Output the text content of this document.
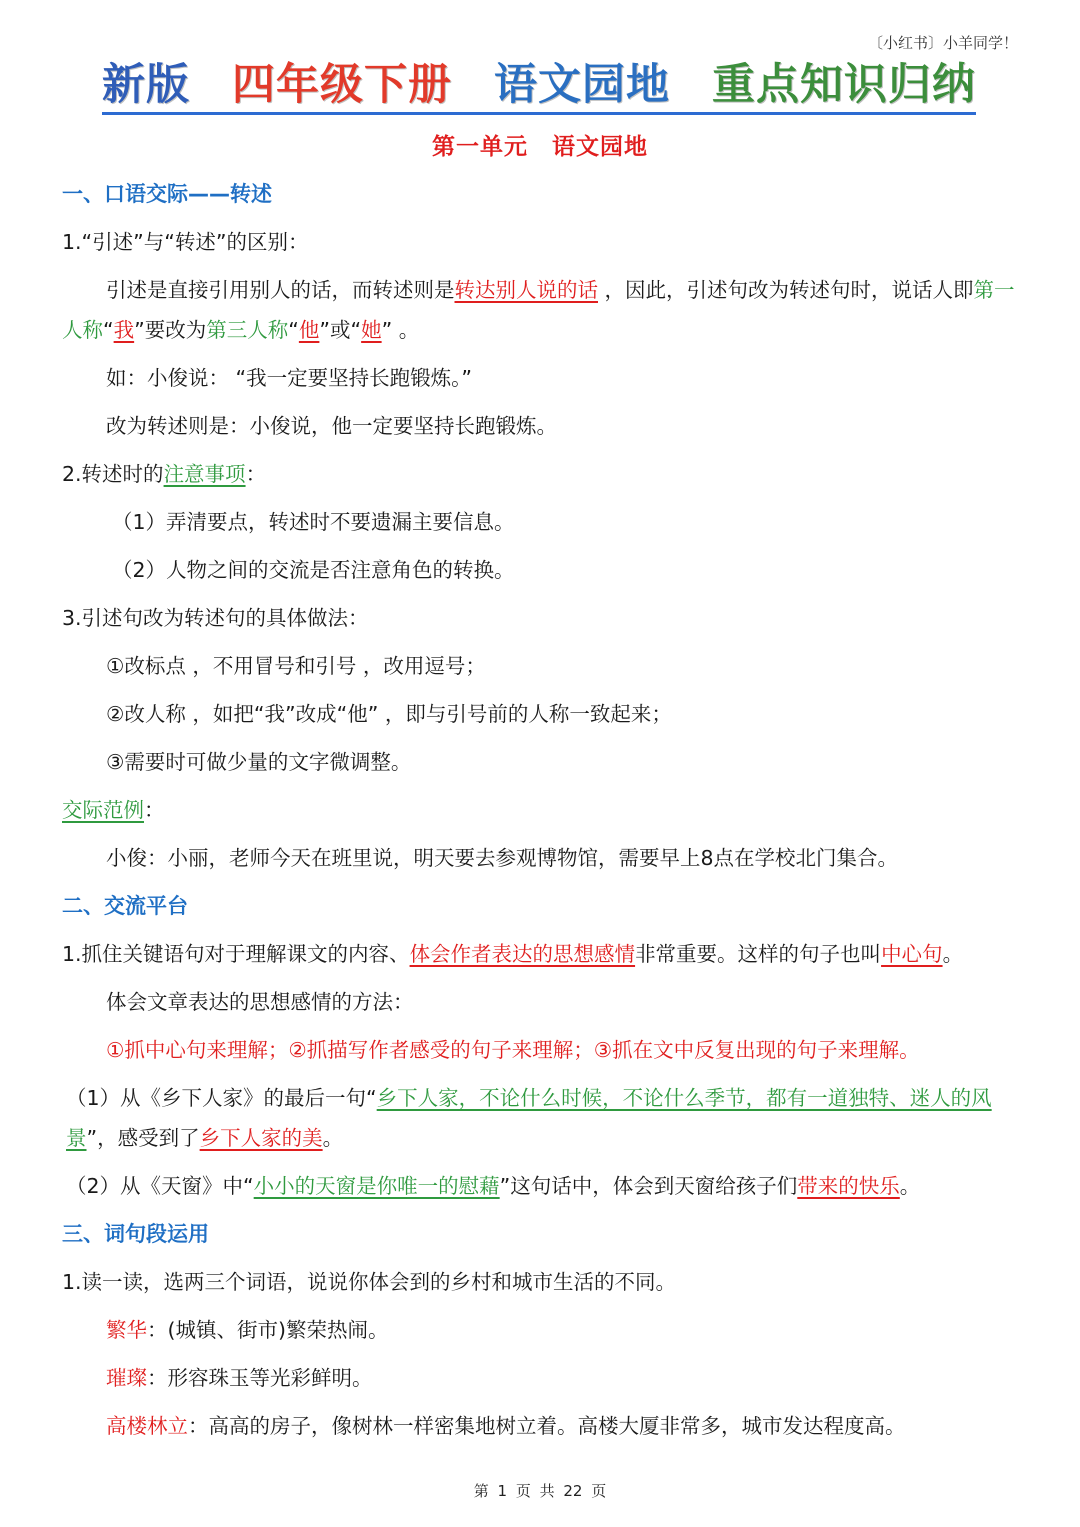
〔小红书〕小羊同学！
新版 四年级下册 语文园地 重点知识归纳
第一单元　语文园地
一、口语交际——转述
1.“引述”与“转述”的区别：
引述是直接引用别人的话，而转述则是转达别人说的话 ，因此，引述句改为转述句时，说话人即第一人称“我”要改为第三人称“他”或“她” 。
如：小俊说： “我一定要坚持长跑锻炼。”
改为转述则是：小俊说，他一定要坚持长跑锻炼。
2.转述时的注意事项：
（1）弄清要点，转述时不要遗漏主要信息。
（2）人物之间的交流是否注意角色的转换。
3.引述句改为转述句的具体做法：
①改标点 ，不用冒号和引号 ，改用逗号；
②改人称 ，如把“我”改成“他” ，即与引号前的人称一致起来；
③需要时可做少量的文字微调整。
交际范例：
小俊：小丽，老师今天在班里说，明天要去参观博物馆，需要早上8点在学校北门集合。
二、交流平台
1.抓住关键语句对于理解课文的内容、体会作者表达的思想感情非常重要。这样的句子也叫中心句。
体会文章表达的思想感情的方法：
①抓中心句来理解；②抓描写作者感受的句子来理解；③抓在文中反复出现的句子来理解。
（1）从《乡下人家》的最后一句“乡下人家，不论什么时候，不论什么季节，都有一道独特、迷人的风景”，感受到了乡下人家的美。
（2）从《天窗》中“小小的天窗是你唯一的慰藉”这句话中，体会到天窗给孩子们带来的快乐。
三、词句段运用
1.读一读，选两三个词语，说说你体会到的乡村和城市生活的不同。
繁华：(城镇、街市)繁荣热闹。
璀璨：形容珠玉等光彩鲜明。
高楼林立：高高的房子，像树林一样密集地树立着。高楼大厦非常多，城市发达程度高。
第 1 页 共 22 页
